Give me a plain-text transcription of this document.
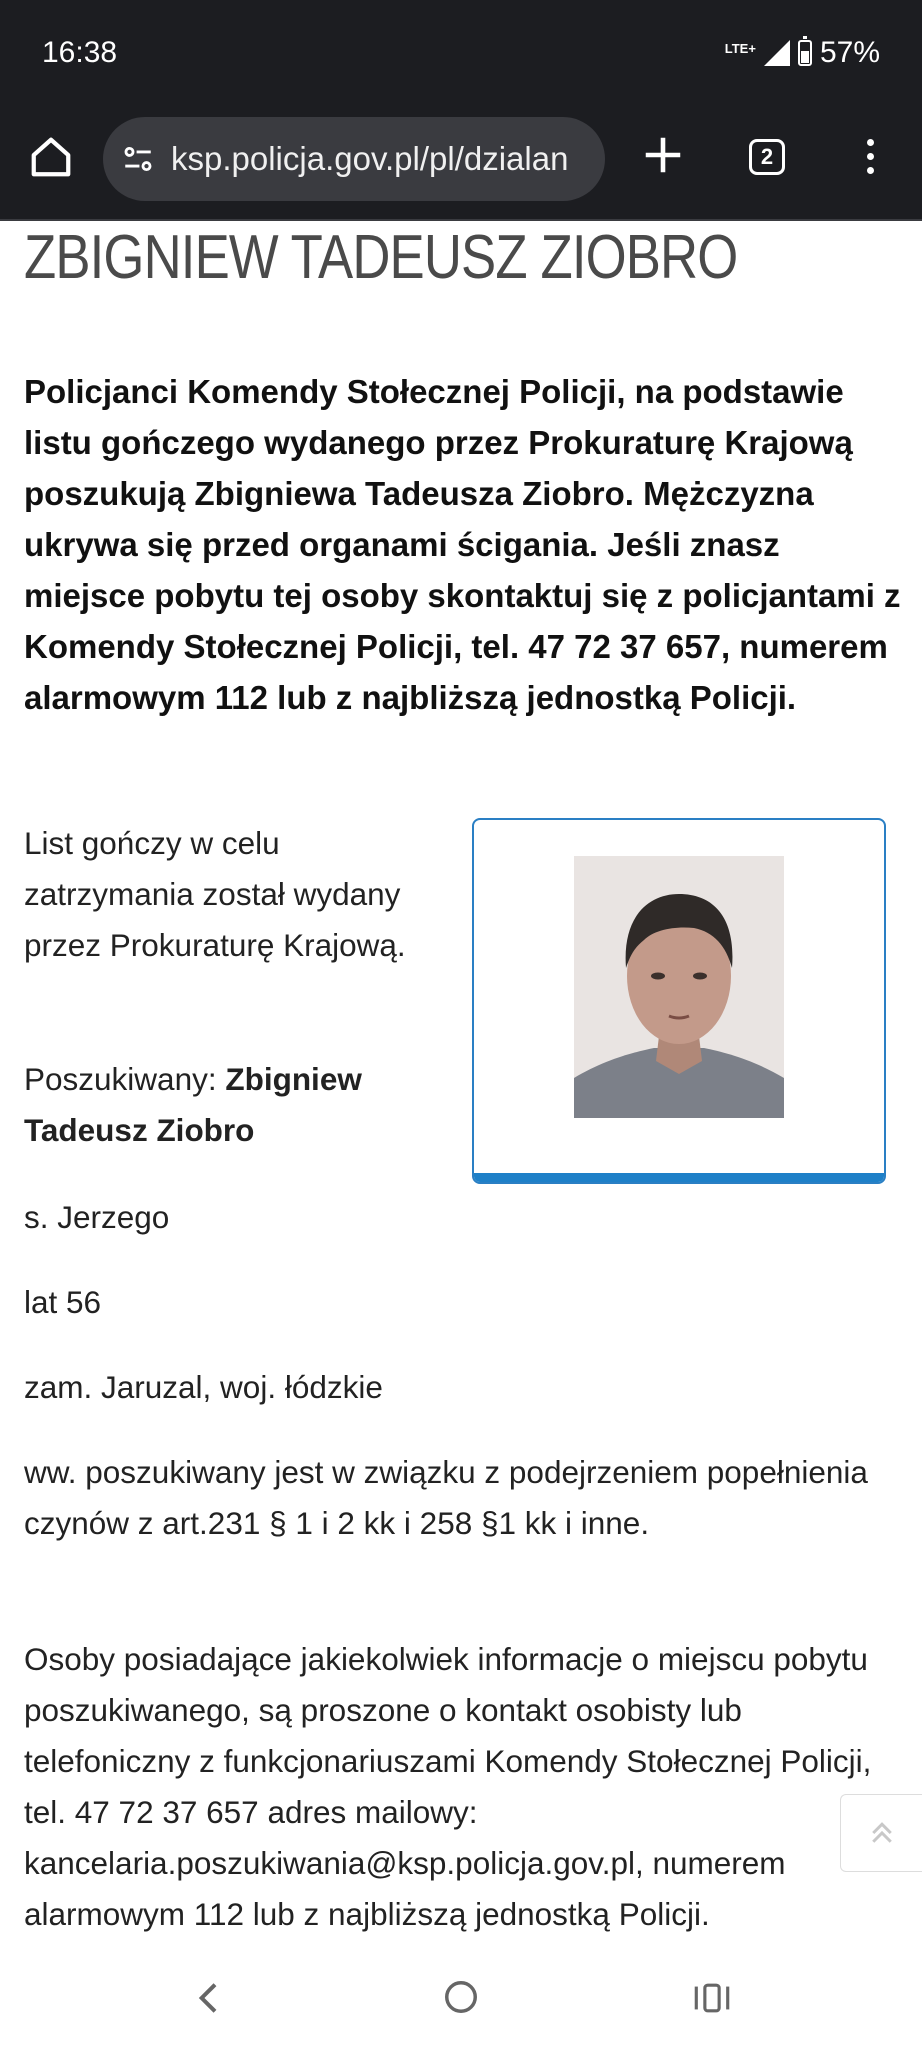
16:38	LTE+ 57%
ksp.policja.gov.pl/pl/dzialan	2
ZBIGNIEW TADEUSZ ZIOBRO

Policjanci Komendy Stołecznej Policji, na podstawie listu gończego wydanego przez Prokuraturę Krajową poszukują Zbigniewa Tadeusza Ziobro. Mężczyzna ukrywa się przed organami ścigania. Jeśli znasz miejsce pobytu tej osoby skontaktuj się z policjantami z Komendy Stołecznej Policji, tel. 47 72 37 657, numerem alarmowym 112 lub z najbliższą jednostką Policji.

List gończy w celu zatrzymania został wydany przez Prokuraturę Krajową.

Poszukiwany: Zbigniew Tadeusz Ziobro

s. Jerzego

lat 56

zam. Jaruzal, woj. łódzkie

ww. poszukiwany jest w związku z podejrzeniem popełnienia czynów z art.231 § 1 i 2 kk i 258 §1 kk i inne.

Osoby posiadające jakiekolwiek informacje o miejscu pobytu poszukiwanego, są proszone o kontakt osobisty lub telefoniczny z funkcjonariuszami Komendy Stołecznej Policji, tel. 47 72 37 657 adres mailowy: kancelaria.poszukiwania@ksp.policja.gov.pl, numerem alarmowym 112 lub z najbliższą jednostką Policji.
